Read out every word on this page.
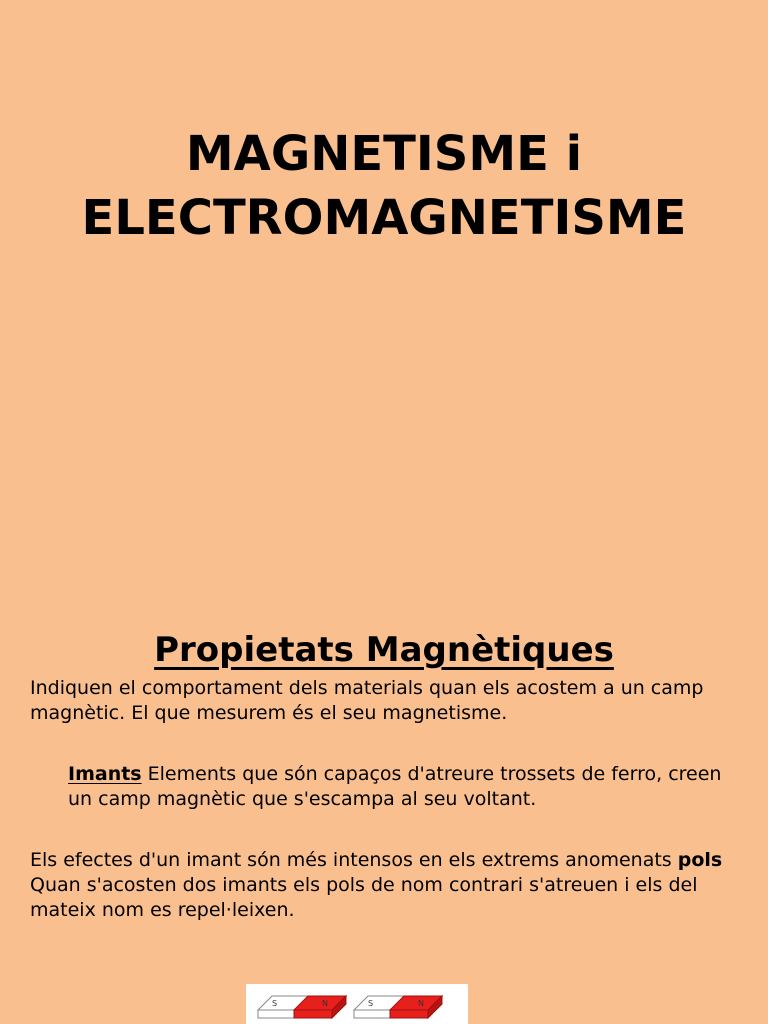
MAGNETISME i
ELECTROMAGNETISME
Propietats Magnètiques

Indiquen el comportament dels materials quan els acostem a un camp magnètic. El que mesurem és el seu magnetisme.

Imants Elements que són capaços d'atreure trossets de ferro, creen un camp magnètic que s'escampa al seu voltant.

Els efectes d'un imant són més intensos en els extrems anomenats pols Quan s'acosten dos imants els pols de nom contrari s'atreuen i els del mateix nom es repel·leixen.

S	N	S	N
